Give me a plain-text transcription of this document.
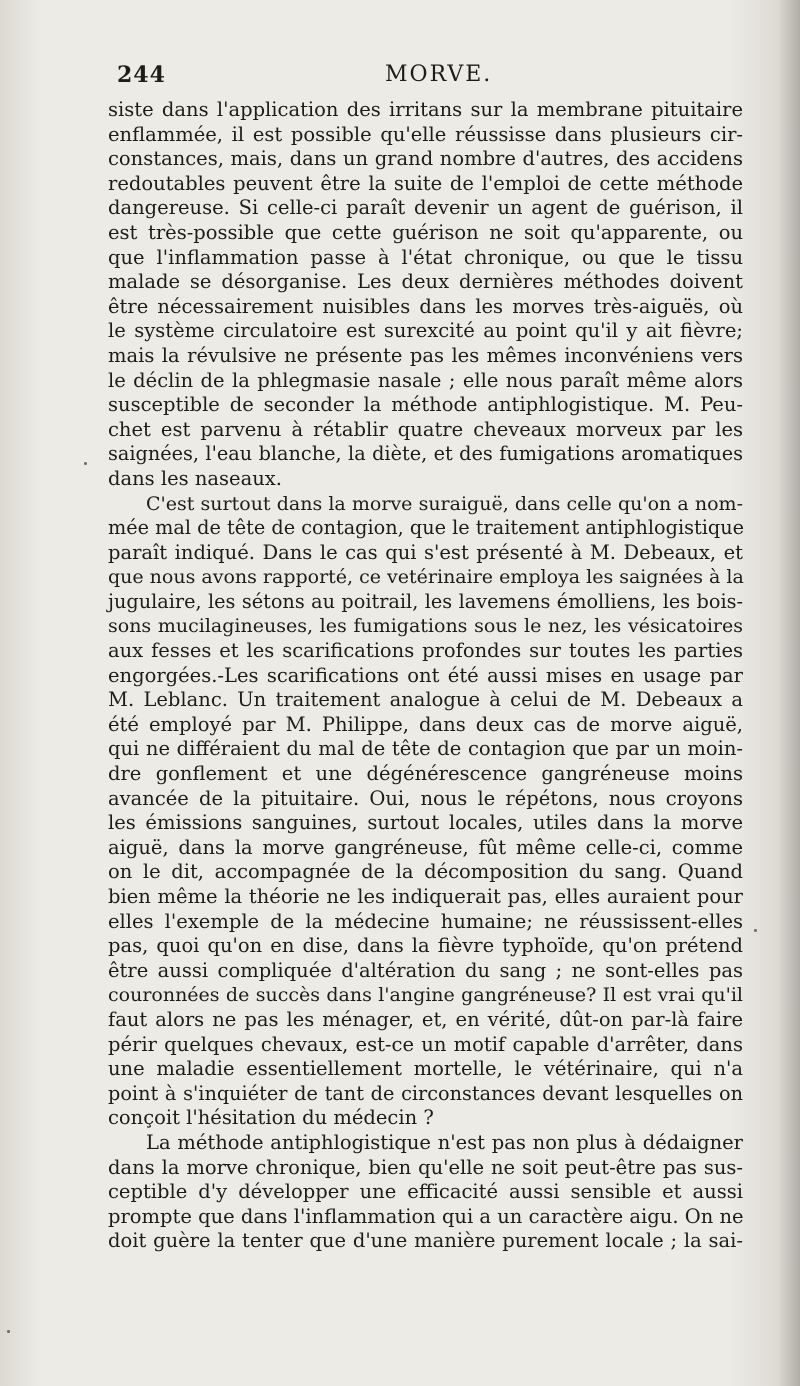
244	MORVE.
siste dans l'application des irritans sur la membrane pituitaire
enflammée, il est possible qu'elle réussisse dans plusieurs cir-
constances, mais, dans un grand nombre d'autres, des accidens
redoutables peuvent être la suite de l'emploi de cette méthode
dangereuse. Si celle-ci paraît devenir un agent de guérison, il
est très-possible que cette guérison ne soit qu'apparente, ou
que l'inflammation passe à l'état chronique, ou que le tissu
malade se désorganise. Les deux dernières méthodes doivent
être nécessairement nuisibles dans les morves très-aiguës, où
le système circulatoire est surexcité au point qu'il y ait fièvre;
mais la révulsive ne présente pas les mêmes inconvéniens vers
le déclin de la phlegmasie nasale ; elle nous paraît même alors
susceptible de seconder la méthode antiphlogistique. M. Peu-
chet est parvenu à rétablir quatre cheveaux morveux par les
saignées, l'eau blanche, la diète, et des fumigations aromatiques
dans les naseaux.
C'est surtout dans la morve suraiguë, dans celle qu'on a nom-
mée mal de tête de contagion, que le traitement antiphlogistique
paraît indiqué. Dans le cas qui s'est présenté à M. Debeaux, et
que nous avons rapporté, ce vetérinaire employa les saignées à la
jugulaire, les sétons au poitrail, les lavemens émolliens, les bois-
sons mucilagineuses, les fumigations sous le nez, les vésicatoires
aux fesses et les scarifications profondes sur toutes les parties
engorgées.-Les scarifications ont été aussi mises en usage par
M. Leblanc. Un traitement analogue à celui de M. Debeaux a
été employé par M. Philippe, dans deux cas de morve aiguë,
qui ne différaient du mal de tête de contagion que par un moin-
dre gonflement et une dégénérescence gangréneuse moins
avancée de la pituitaire. Oui, nous le répétons, nous croyons
les émissions sanguines, surtout locales, utiles dans la morve
aiguë, dans la morve gangréneuse, fût même celle-ci, comme
on le dit, accompagnée de la décomposition du sang. Quand
bien même la théorie ne les indiquerait pas, elles auraient pour
elles l'exemple de la médecine humaine; ne réussissent-elles
pas, quoi qu'on en dise, dans la fièvre typhoïde, qu'on prétend
être aussi compliquée d'altération du sang ; ne sont-elles pas
couronnées de succès dans l'angine gangréneuse? Il est vrai qu'il
faut alors ne pas les ménager, et, en vérité, dût-on par-là faire
périr quelques chevaux, est-ce un motif capable d'arrêter, dans
une maladie essentiellement mortelle, le vétérinaire, qui n'a
point à s'inquiéter de tant de circonstances devant lesquelles on
conçoit l'hésitation du médecin ?
La méthode antiphlogistique n'est pas non plus à dédaigner
dans la morve chronique, bien qu'elle ne soit peut-être pas sus-
ceptible d'y développer une efficacité aussi sensible et aussi
prompte que dans l'inflammation qui a un caractère aigu. On ne
doit guère la tenter que d'une manière purement locale ; la sai-
